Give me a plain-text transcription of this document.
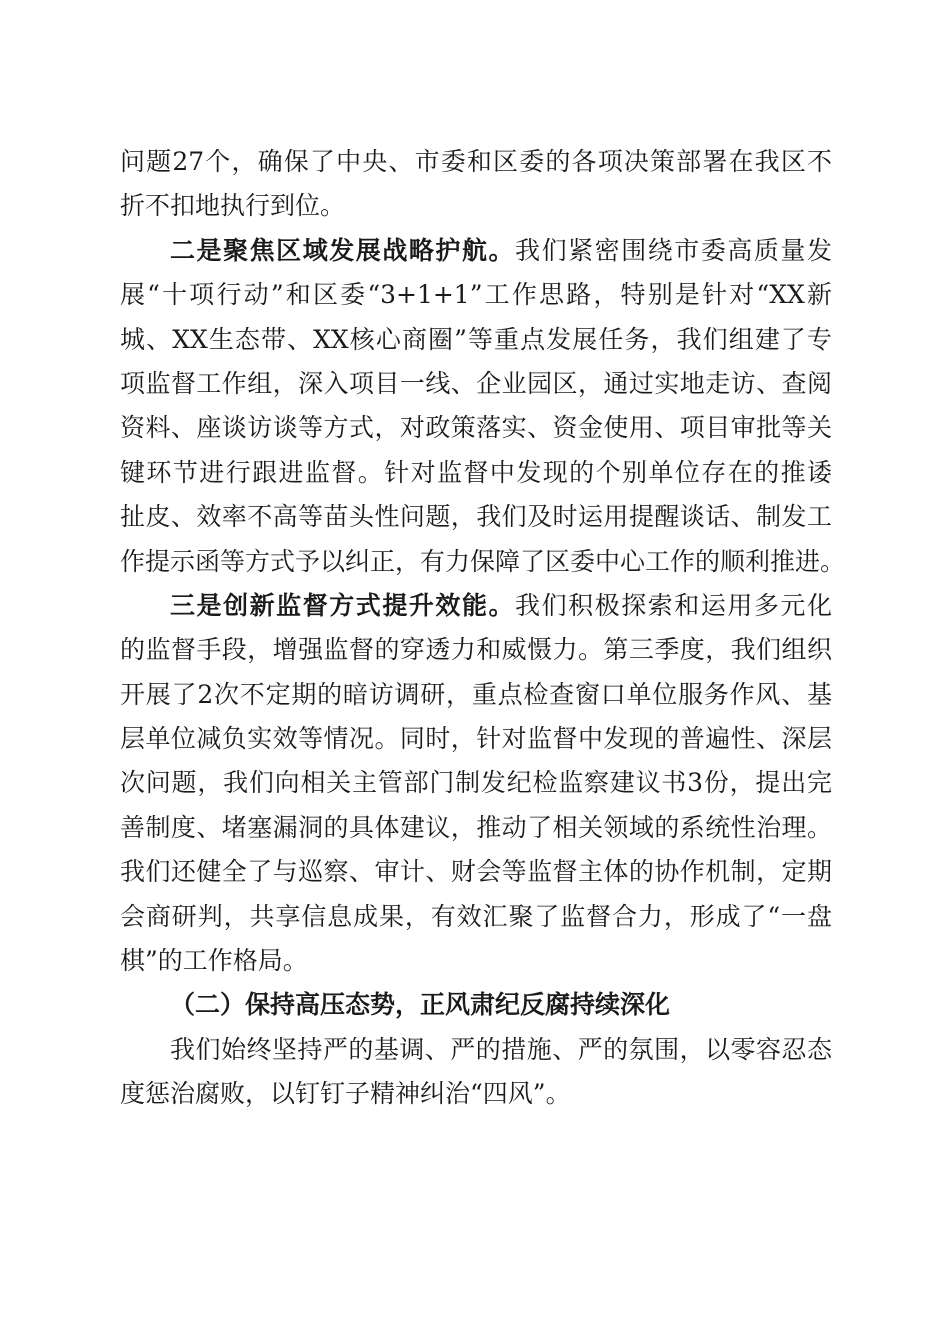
问题27个，确保了中央、市委和区委的各项决策部署在我区不
折不扣地执行到位。
二是聚焦区域发展战略护航。我们紧密围绕市委高质量发
展“十项行动”和区委“3+1+1”工作思路，特别是针对“XX新
城、XX生态带、XX核心商圈”等重点发展任务，我们组建了专
项监督工作组，深入项目一线、企业园区，通过实地走访、查阅
资料、座谈访谈等方式，对政策落实、资金使用、项目审批等关
键环节进行跟进监督。针对监督中发现的个别单位存在的推诿
扯皮、效率不高等苗头性问题，我们及时运用提醒谈话、制发工
作提示函等方式予以纠正，有力保障了区委中心工作的顺利推进。
三是创新监督方式提升效能。我们积极探索和运用多元化
的监督手段，增强监督的穿透力和威慑力。第三季度，我们组织
开展了2次不定期的暗访调研，重点检查窗口单位服务作风、基
层单位减负实效等情况。同时，针对监督中发现的普遍性、深层
次问题，我们向相关主管部门制发纪检监察建议书3份，提出完
善制度、堵塞漏洞的具体建议，推动了相关领域的系统性治理。
我们还健全了与巡察、审计、财会等监督主体的协作机制，定期
会商研判，共享信息成果，有效汇聚了监督合力，形成了“一盘
棋”的工作格局。
（二）保持高压态势，正风肃纪反腐持续深化
我们始终坚持严的基调、严的措施、严的氛围，以零容忍态
度惩治腐败，以钉钉子精神纠治“四风”。
